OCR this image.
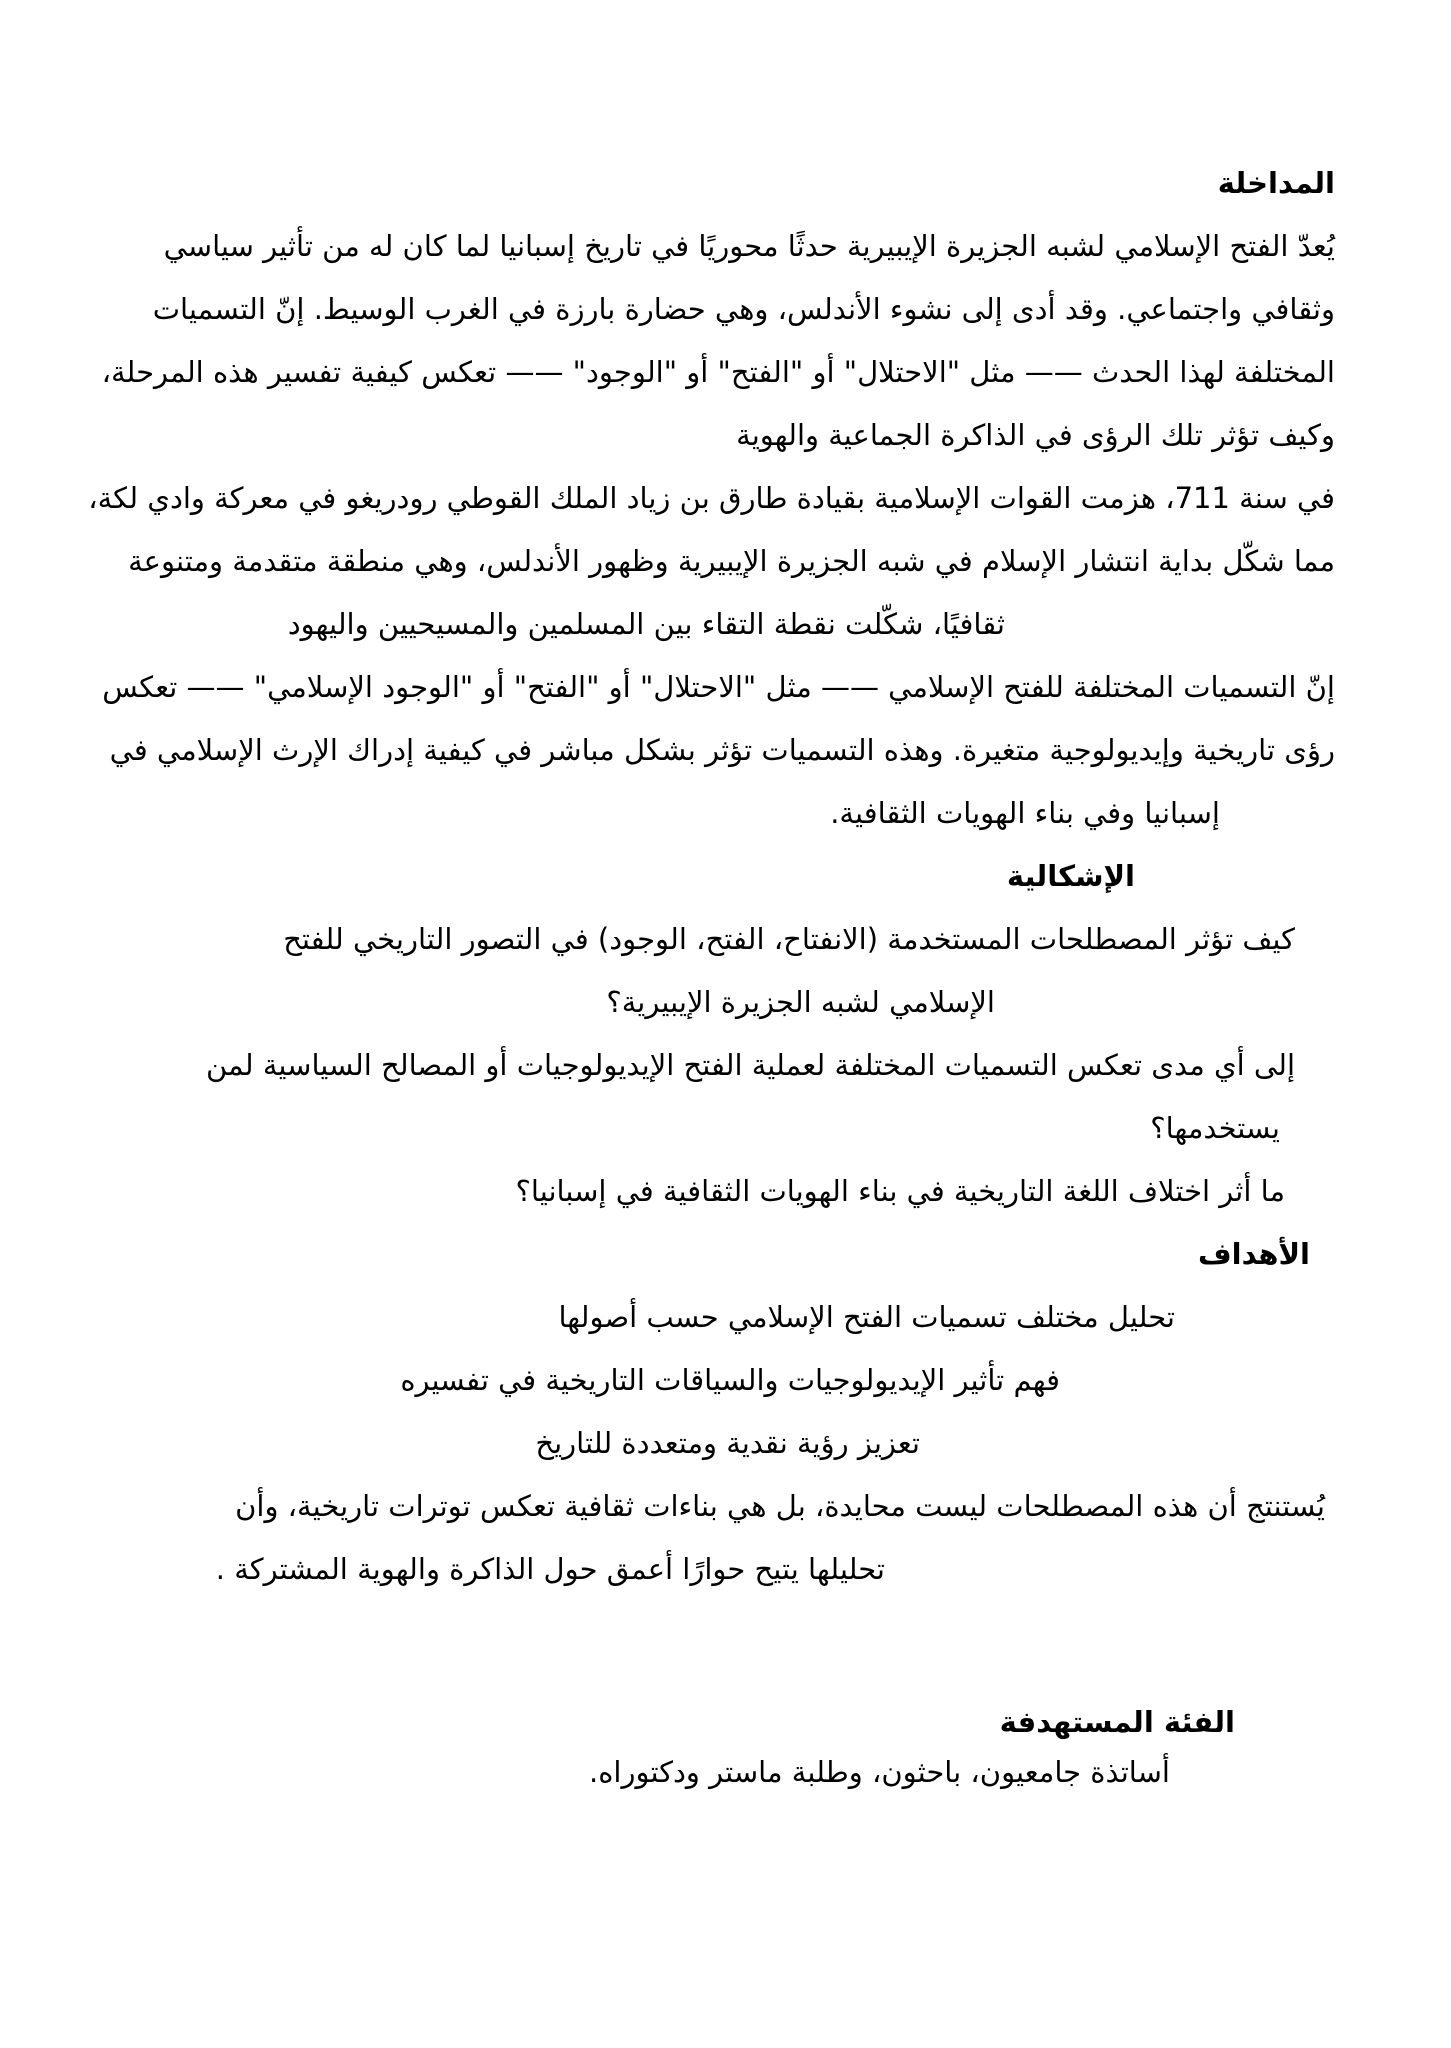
المداخلة
يُعدّ الفتح الإسلامي لشبه الجزيرة الإيبيرية حدثًا محوريًا في تاريخ إسبانيا لما كان له من تأثير سياسي
وثقافي واجتماعي. وقد أدى إلى نشوء الأندلس، وهي حضارة بارزة في الغرب الوسيط. إنّ التسميات
المختلفة لهذا الحدث —— مثل "الاحتلال" أو "الفتح" أو "الوجود" —— تعكس كيفية تفسير هذه المرحلة،
وكيف تؤثر تلك الرؤى في الذاكرة الجماعية والهوية
في سنة 711، هزمت القوات الإسلامية بقيادة طارق بن زياد الملك القوطي رودريغو في معركة وادي لكة،
مما شكّل بداية انتشار الإسلام في شبه الجزيرة الإيبيرية وظهور الأندلس، وهي منطقة متقدمة ومتنوعة
ثقافيًا، شكّلت نقطة التقاء بين المسلمين والمسيحيين واليهود
إنّ التسميات المختلفة للفتح الإسلامي —— مثل "الاحتلال" أو "الفتح" أو "الوجود الإسلامي" —— تعكس
رؤى تاريخية وإيديولوجية متغيرة. وهذه التسميات تؤثر بشكل مباشر في كيفية إدراك الإرث الإسلامي في
إسبانيا وفي بناء الهويات الثقافية.
الإشكالية
كيف تؤثر المصطلحات المستخدمة (الانفتاح، الفتح، الوجود) في التصور التاريخي للفتح
الإسلامي لشبه الجزيرة الإيبيرية؟
إلى أي مدى تعكس التسميات المختلفة لعملية الفتح الإيديولوجيات أو المصالح السياسية لمن
يستخدمها؟
ما أثر اختلاف اللغة التاريخية في بناء الهويات الثقافية في إسبانيا؟
الأهداف
تحليل مختلف تسميات الفتح الإسلامي حسب أصولها
فهم تأثير الإيديولوجيات والسياقات التاريخية في تفسيره
تعزيز رؤية نقدية ومتعددة للتاريخ
يُستنتج أن هذه المصطلحات ليست محايدة، بل هي بناءات ثقافية تعكس توترات تاريخية، وأن
تحليلها يتيح حوارًا أعمق حول الذاكرة والهوية المشتركة .
الفئة المستهدفة
أساتذة جامعيون، باحثون، وطلبة ماستر ودكتوراه.
